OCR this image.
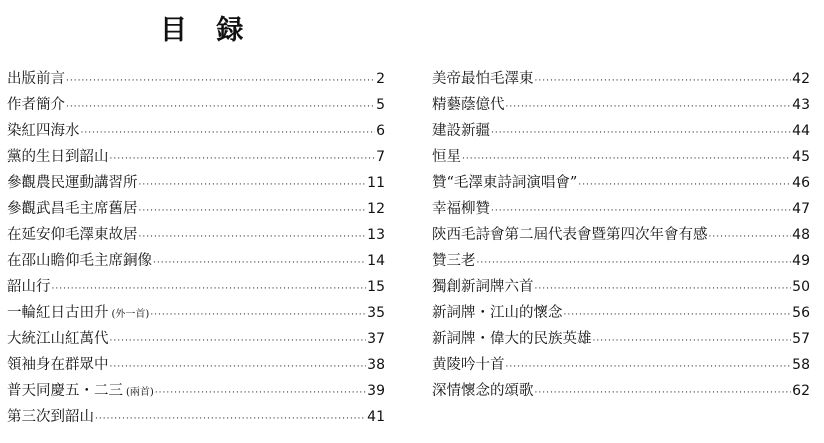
目 録
出版前言 ·····	2
作者簡介 ·····	5
染紅四海水 ·····	6
黨的生日到韶山 ·····	7
參觀農民運動講習所 ·····	11
參觀武昌毛主席舊居 ·····	12
在延安仰毛澤東故居 ·····	13
在邵山瞻仰毛主席銅像 ·····	14
韶山行 ·····	15
一輪紅日古田升 (外一首) ·····	35
大統江山紅萬代 ·····	37
領袖身在群眾中 ·····	38
普天同慶五・二三 (兩首) ·····	39
第三次到韶山 ·····	41
美帝最怕毛澤東 ·····	42
精藝蔭億代 ·····	43
建設新疆 ·····	44
恒星 ·····	45
贊“毛澤東詩詞演唱會” ·····	46
幸福柳贊 ·····	47
陝西毛詩會第二屆代表會暨第四次年會有感 ·····	48
贊三老 ·····	49
獨創新詞牌六首 ·····	50
新詞牌・江山的懷念 ·····	56
新詞牌・偉大的民族英雄 ·····	57
黄陵吟十首 ·····	58
深情懷念的頌歌 ·····	62
